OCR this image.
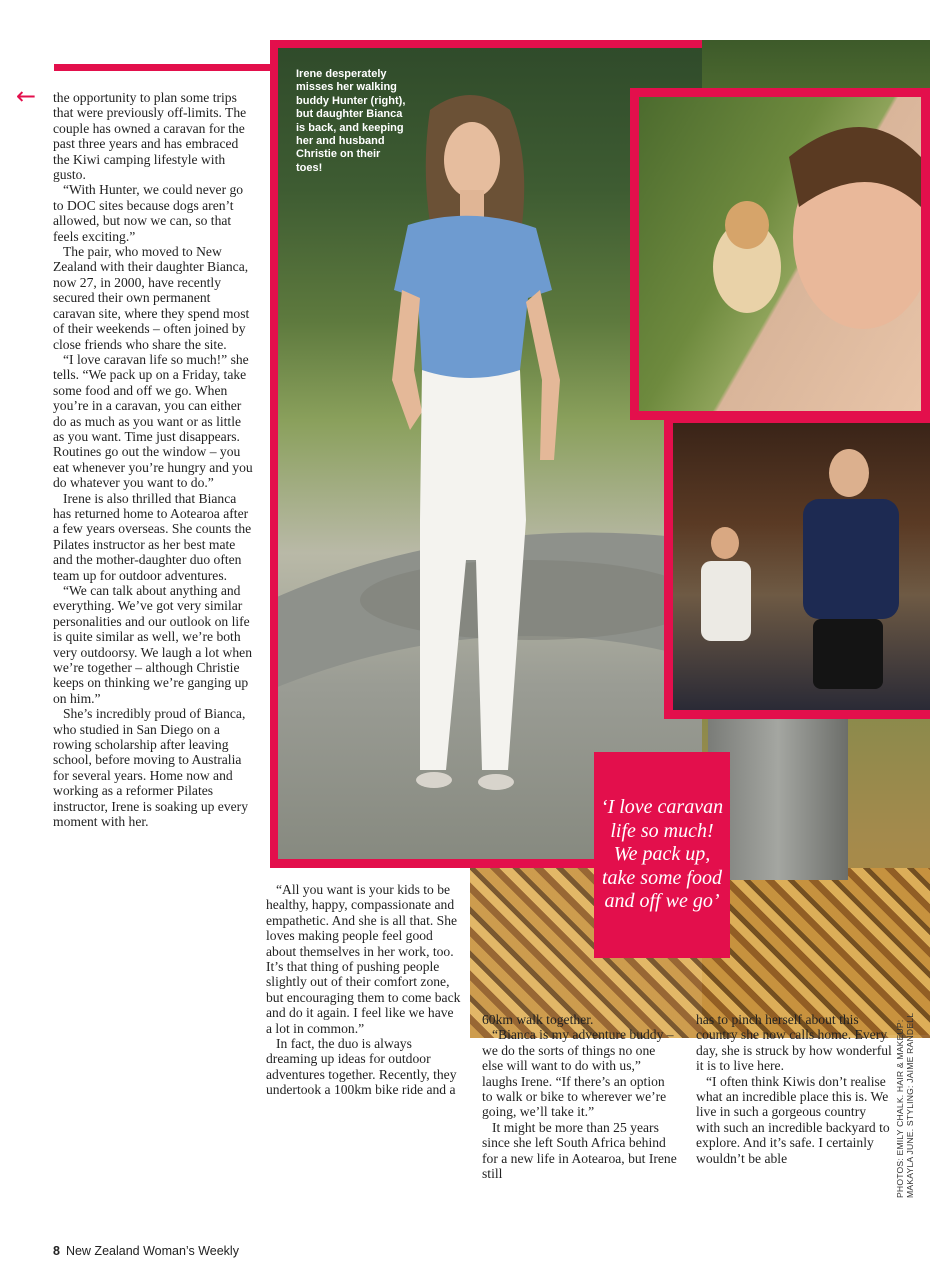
←
Irene desperately misses her walking buddy Hunter (right), but daughter Bianca is back, and keeping her and husband Christie on their toes!
‘I love caravan life so much! We pack up, take some food and off we go’

the opportunity to plan some trips that were previously off-limits. The couple has owned a caravan for the past three years and has embraced the Kiwi camping lifestyle with gusto.

“With Hunter, we could never go to DOC sites because dogs aren’t allowed, but now we can, so that feels exciting.”

The pair, who moved to New Zealand with their daughter Bianca, now 27, in 2000, have recently secured their own permanent caravan site, where they spend most of their weekends – often joined by close friends who share the site.

“I love caravan life so much!” she tells. “We pack up on a Friday, take some food and off we go. When you’re in a caravan, you can either do as much as you want or as little as you want. Time just disappears. Routines go out the window – you eat whenever you’re hungry and you do whatever you want to do.”

Irene is also thrilled that Bianca has returned home to Aotearoa after a few years overseas. She counts the Pilates instructor as her best mate and the mother-daughter duo often team up for outdoor adventures.

“We can talk about anything and everything. We’ve got very similar personalities and our outlook on life is quite similar as well, we’re both very outdoorsy. We laugh a lot when we’re together – although Christie keeps on thinking we’re ganging up on him.”

She’s incredibly proud of Bianca, who studied in San Diego on a rowing scholarship after leaving school, before moving to Australia for several years. Home now and working as a reformer Pilates instructor, Irene is soaking up every moment with her.

“All you want is your kids to be healthy, happy, compassionate and empathetic. And she is all that. She loves making people feel good about themselves in her work, too. It’s that thing of pushing people slightly out of their comfort zone, but encouraging them to come back and do it again. I feel like we have a lot in common.”

In fact, the duo is always dreaming up ideas for outdoor adventures together. Recently, they undertook a 100km bike ride and a

60km walk together.

“Bianca is my adventure buddy – we do the sorts of things no one else will want to do with us,” laughs Irene. “If there’s an option to walk or bike to wherever we’re going, we’ll take it.”

It might be more than 25 years since she left South Africa behind for a new life in Aotearoa, but Irene still

has to pinch herself about this country she now calls home. Every day, she is struck by how wonderful it is to live here.

“I often think Kiwis don’t realise what an incredible place this is. We live in such a gorgeous country with such an incredible backyard to explore. And it’s safe. I certainly wouldn’t be able	PHOTOS: EMILY CHALK. HAIR & MAKEUP: MAKAYLA JUNE. STYLING: JAIME RANDELL
8 New Zealand Woman’s Weekly
